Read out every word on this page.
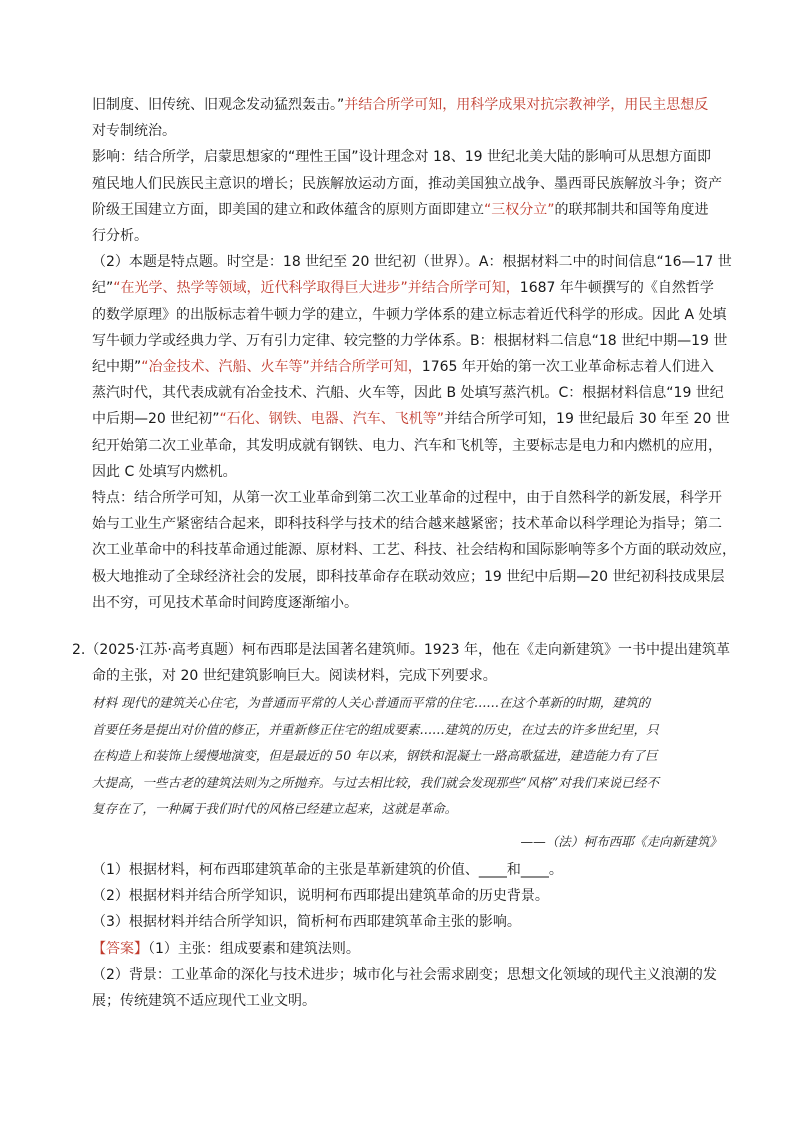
旧制度、旧传统、旧观念发动猛烈轰击。”并结合所学可知，用科学成果对抗宗教神学，用民主思想反
对专制统治。
影响：结合所学，启蒙思想家的“理性王国”设计理念对 18、19 世纪北美大陆的影响可从思想方面即
殖民地人们民族民主意识的增长；民族解放运动方面，推动美国独立战争、墨西哥民族解放斗争；资产
阶级王国建立方面，即美国的建立和政体蕴含的原则方面即建立“三权分立”的联邦制共和国等角度进
行分析。
（2）本题是特点题。时空是：18 世纪至 20 世纪初（世界）。A：根据材料二中的时间信息“16—17 世
纪”“在光学、热学等领域，近代科学取得巨大进步”并结合所学可知，1687 年牛顿撰写的《自然哲学
的数学原理》的出版标志着牛顿力学的建立，牛顿力学体系的建立标志着近代科学的形成。因此 A 处填
写牛顿力学或经典力学、万有引力定律、较完整的力学体系。B：根据材料二信息“18 世纪中期—19 世
纪中期”“冶金技术、汽船、火车等”并结合所学可知，1765 年开始的第一次工业革命标志着人们进入
蒸汽时代，其代表成就有冶金技术、汽船、火车等，因此 B 处填写蒸汽机。C：根据材料信息“19 世纪
中后期—20 世纪初”“石化、钢铁、电器、汽车、飞机等”并结合所学可知，19 世纪最后 30 年至 20 世
纪开始第二次工业革命，其发明成就有钢铁、电力、汽车和飞机等，主要标志是电力和内燃机的应用，
因此 C 处填写内燃机。
特点：结合所学可知，从第一次工业革命到第二次工业革命的过程中，由于自然科学的新发展，科学开
始与工业生产紧密结合起来，即科技科学与技术的结合越来越紧密；技术革命以科学理论为指导；第二
次工业革命中的科技革命通过能源、原材料、工艺、科技、社会结构和国际影响等多个方面的联动效应，
极大地推动了全球经济社会的发展，即科技革命存在联动效应；19 世纪中后期—20 世纪初科技成果层
出不穷，可见技术革命时间跨度逐渐缩小。
2.（2025·江苏·高考真题）柯布西耶是法国著名建筑师。1923 年，他在《走向新建筑》一书中提出建筑革
命的主张，对 20 世纪建筑影响巨大。阅读材料，完成下列要求。
材料 现代的建筑关心住宅，为普通而平常的人关心普通而平常的住宅……在这个革新的时期，建筑的
首要任务是提出对价值的修正，并重新修正住宅的组成要素……建筑的历史，在过去的许多世纪里，只
在构造上和装饰上缓慢地演变，但是最近的 50 年以来，钢铁和混凝土一路高歌猛进，建造能力有了巨
大提高，一些古老的建筑法则为之所抛弃。与过去相比较，我们就会发现那些“风格”对我们来说已经不
复存在了，一种属于我们时代的风格已经建立起来，这就是革命。
——（法）柯布西耶《走向新建筑》
（1）根据材料，柯布西耶建筑革命的主张是革新建筑的价值、____和____。
（2）根据材料并结合所学知识，说明柯布西耶提出建筑革命的历史背景。
（3）根据材料并结合所学知识，简析柯布西耶建筑革命主张的影响。
【答案】（1）主张：组成要素和建筑法则。
（2）背景：工业革命的深化与技术进步；城市化与社会需求剧变；思想文化领域的现代主义浪潮的发
展；传统建筑不适应现代工业文明。
